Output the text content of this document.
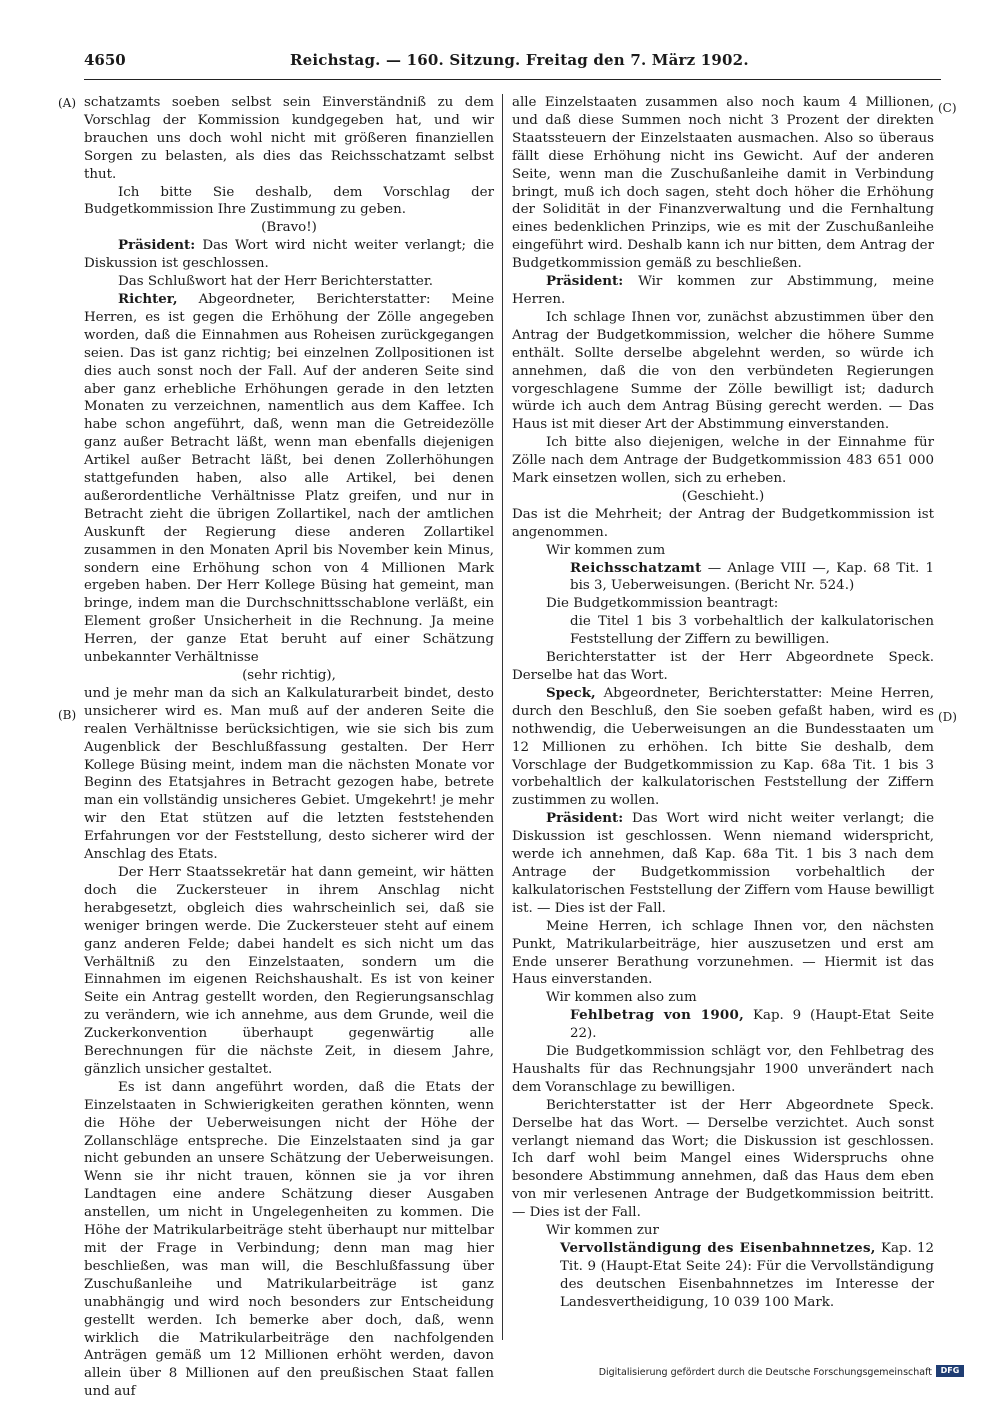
4650	Reichstag. — 160. Sitzung. Freitag den 7. März 1902.
(A)
(B)
(C)
(D)

schatzamts soeben selbst sein Einverständniß zu dem Vorschlag der Kommission kundgegeben hat, und wir brauchen uns doch wohl nicht mit größeren finanziellen Sorgen zu belasten, als dies das Reichsschatzamt selbst thut.

Ich bitte Sie deshalb, dem Vorschlag der Budgetkommission Ihre Zustimmung zu geben.

(Bravo!)

Präsident: Das Wort wird nicht weiter verlangt; die Diskussion ist geschlossen.

Das Schlußwort hat der Herr Berichterstatter.

Richter, Abgeordneter, Berichterstatter: Meine Herren, es ist gegen die Erhöhung der Zölle angegeben worden, daß die Einnahmen aus Roheisen zurückgegangen seien. Das ist ganz richtig; bei einzelnen Zollpositionen ist dies auch sonst noch der Fall. Auf der anderen Seite sind aber ganz erhebliche Erhöhungen gerade in den letzten Monaten zu verzeichnen, namentlich aus dem Kaffee. Ich habe schon angeführt, daß, wenn man die Getreidezölle ganz außer Betracht läßt, wenn man ebenfalls diejenigen Artikel außer Betracht läßt, bei denen Zollerhöhungen stattgefunden haben, also alle Artikel, bei denen außerordentliche Verhältnisse Platz greifen, und nur in Betracht zieht die übrigen Zollartikel, nach der amtlichen Auskunft der Regierung diese anderen Zollartikel zusammen in den Monaten April bis November kein Minus, sondern eine Erhöhung schon von 4 Millionen Mark ergeben haben. Der Herr Kollege Büsing hat gemeint, man bringe, indem man die Durchschnittsschablone verläßt, ein Element großer Unsicherheit in die Rechnung. Ja meine Herren, der ganze Etat beruht auf einer Schätzung unbekannter Verhältnisse

(sehr richtig),

und je mehr man da sich an Kalkulaturarbeit bindet, desto unsicherer wird es. Man muß auf der anderen Seite die realen Verhältnisse berücksichtigen, wie sie sich bis zum Augenblick der Beschlußfassung gestalten. Der Herr Kollege Büsing meint, indem man die nächsten Monate vor Beginn des Etatsjahres in Betracht gezogen habe, betrete man ein vollständig unsicheres Gebiet. Umgekehrt! je mehr wir den Etat stützen auf die letzten feststehenden Erfahrungen vor der Feststellung, desto sicherer wird der Anschlag des Etats.

Der Herr Staatssekretär hat dann gemeint, wir hätten doch die Zuckersteuer in ihrem Anschlag nicht herabgesetzt, obgleich dies wahrscheinlich sei, daß sie weniger bringen werde. Die Zuckersteuer steht auf einem ganz anderen Felde; dabei handelt es sich nicht um das Verhältniß zu den Einzelstaaten, sondern um die Einnahmen im eigenen Reichshaushalt. Es ist von keiner Seite ein Antrag gestellt worden, den Regierungsanschlag zu verändern, wie ich annehme, aus dem Grunde, weil die Zuckerkonvention überhaupt gegenwärtig alle Berechnungen für die nächste Zeit, in diesem Jahre, gänzlich unsicher gestaltet.

Es ist dann angeführt worden, daß die Etats der Einzelstaaten in Schwierigkeiten gerathen könnten, wenn die Höhe der Ueberweisungen nicht der Höhe der Zollanschläge entspreche. Die Einzelstaaten sind ja gar nicht gebunden an unsere Schätzung der Ueberweisungen. Wenn sie ihr nicht trauen, können sie ja vor ihren Landtagen eine andere Schätzung dieser Ausgaben anstellen, um nicht in Ungelegenheiten zu kommen. Die Höhe der Matrikularbeiträge steht überhaupt nur mittelbar mit der Frage in Verbindung; denn man mag hier beschließen, was man will, die Beschlußfassung über Zuschußanleihe und Matrikularbeiträge ist ganz unabhängig und wird noch besonders zur Entscheidung gestellt werden. Ich bemerke aber doch, daß, wenn wirklich die Matrikularbeiträge den nachfolgenden Anträgen gemäß um 12 Millionen erhöht werden, davon allein über 8 Millionen auf den preußischen Staat fallen und auf

alle Einzelstaaten zusammen also noch kaum 4 Millionen, und daß diese Summen noch nicht 3 Prozent der direkten Staatssteuern der Einzelstaaten ausmachen. Also so überaus fällt diese Erhöhung nicht ins Gewicht. Auf der anderen Seite, wenn man die Zuschußanleihe damit in Verbindung bringt, muß ich doch sagen, steht doch höher die Erhöhung der Solidität in der Finanzverwaltung und die Fernhaltung eines bedenklichen Prinzips, wie es mit der Zuschußanleihe eingeführt wird. Deshalb kann ich nur bitten, dem Antrag der Budgetkommission gemäß zu beschließen.

Präsident: Wir kommen zur Abstimmung, meine Herren.

Ich schlage Ihnen vor, zunächst abzustimmen über den Antrag der Budgetkommission, welcher die höhere Summe enthält. Sollte derselbe abgelehnt werden, so würde ich annehmen, daß die von den verbündeten Regierungen vorgeschlagene Summe der Zölle bewilligt ist; dadurch würde ich auch dem Antrag Büsing gerecht werden. — Das Haus ist mit dieser Art der Abstimmung einverstanden.

Ich bitte also diejenigen, welche in der Einnahme für Zölle nach dem Antrage der Budgetkommission 483 651 000 Mark einsetzen wollen, sich zu erheben.

(Geschieht.)

Das ist die Mehrheit; der Antrag der Budgetkommission ist angenommen.

Wir kommen zum

Reichsschatzamt — Anlage VIII —, Kap. 68 Tit. 1 bis 3, Ueberweisungen. (Bericht Nr. 524.)

Die Budgetkommission beantragt:

die Titel 1 bis 3 vorbehaltlich der kalkulatorischen Feststellung der Ziffern zu bewilligen.

Berichterstatter ist der Herr Abgeordnete Speck. Derselbe hat das Wort.

Speck, Abgeordneter, Berichterstatter: Meine Herren, durch den Beschluß, den Sie soeben gefaßt haben, wird es nothwendig, die Ueberweisungen an die Bundesstaaten um 12 Millionen zu erhöhen. Ich bitte Sie deshalb, dem Vorschlage der Budgetkommission zu Kap. 68a Tit. 1 bis 3 vorbehaltlich der kalkulatorischen Feststellung der Ziffern zustimmen zu wollen.

Präsident: Das Wort wird nicht weiter verlangt; die Diskussion ist geschlossen. Wenn niemand widerspricht, werde ich annehmen, daß Kap. 68a Tit. 1 bis 3 nach dem Antrage der Budgetkommission vorbehaltlich der kalkulatorischen Feststellung der Ziffern vom Hause bewilligt ist. — Dies ist der Fall.

Meine Herren, ich schlage Ihnen vor, den nächsten Punkt, Matrikularbeiträge, hier auszusetzen und erst am Ende unserer Berathung vorzunehmen. — Hiermit ist das Haus einverstanden.

Wir kommen also zum

Fehlbetrag von 1900, Kap. 9 (Haupt-Etat Seite 22).

Die Budgetkommission schlägt vor, den Fehlbetrag des Haushalts für das Rechnungsjahr 1900 unverändert nach dem Voranschlage zu bewilligen.

Berichterstatter ist der Herr Abgeordnete Speck. Derselbe hat das Wort. — Derselbe verzichtet. Auch sonst verlangt niemand das Wort; die Diskussion ist geschlossen. Ich darf wohl beim Mangel eines Widerspruchs ohne besondere Abstimmung annehmen, daß das Haus dem eben von mir verlesenen Antrage der Budgetkommission beitritt. — Dies ist der Fall.

Wir kommen zur

Vervollständigung des Eisenbahnnetzes, Kap. 12 Tit. 9 (Haupt-Etat Seite 24): Für die Vervollständigung des deutschen Eisenbahnnetzes im Interesse der Landesvertheidigung, 10 039 100 Mark.

Digitalisierung gefördert durch die Deutsche Forschungsgemeinschaft	DFG
